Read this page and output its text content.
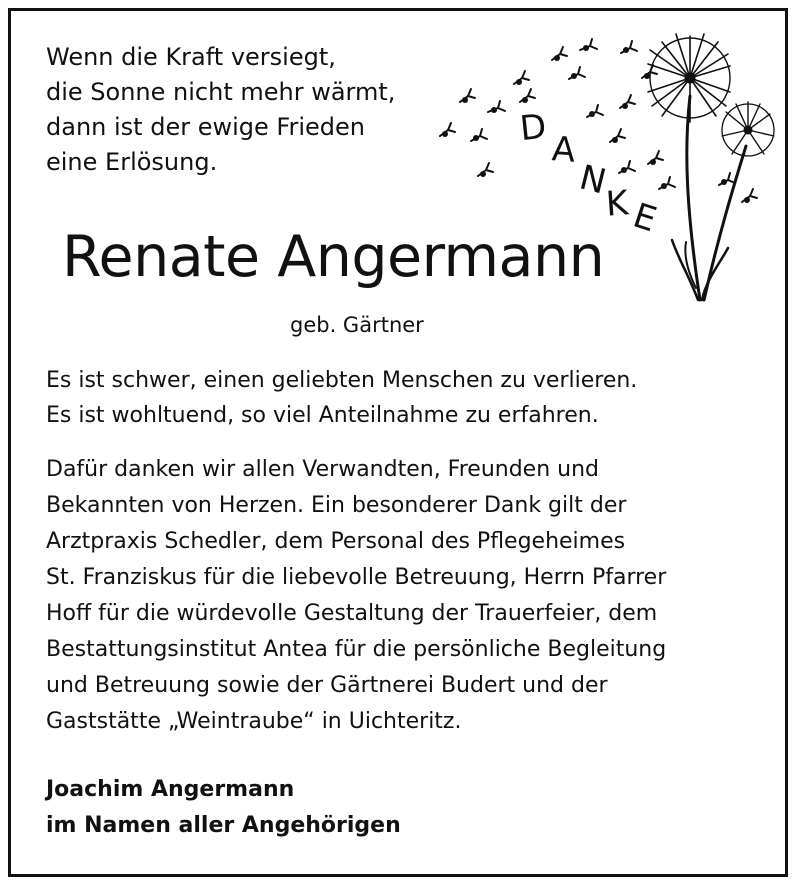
Wenn die Kraft versiegt,
die Sonne nicht mehr wärmt,
dann ist der ewige Frieden
eine Erlösung.
D
A
N
K
E
Renate Angermann
geb. Gärtner
Es ist schwer, einen geliebten Menschen zu verlieren.
Es ist wohltuend, so viel Anteilnahme zu erfahren.
Dafür danken wir allen Verwandten, Freunden und
Bekannten von Herzen. Ein besonderer Dank gilt der
Arztpraxis Schedler, dem Personal des Pflegeheimes
St. Franziskus für die liebevolle Betreuung, Herrn Pfarrer
Hoff für die würdevolle Gestaltung der Trauerfeier, dem
Bestattungsinstitut Antea für die persönliche Begleitung
und Betreuung sowie der Gärtnerei Budert und der
Gaststätte „Weintraube“ in Uichteritz.
Joachim Angermann
im Namen aller Angehörigen
